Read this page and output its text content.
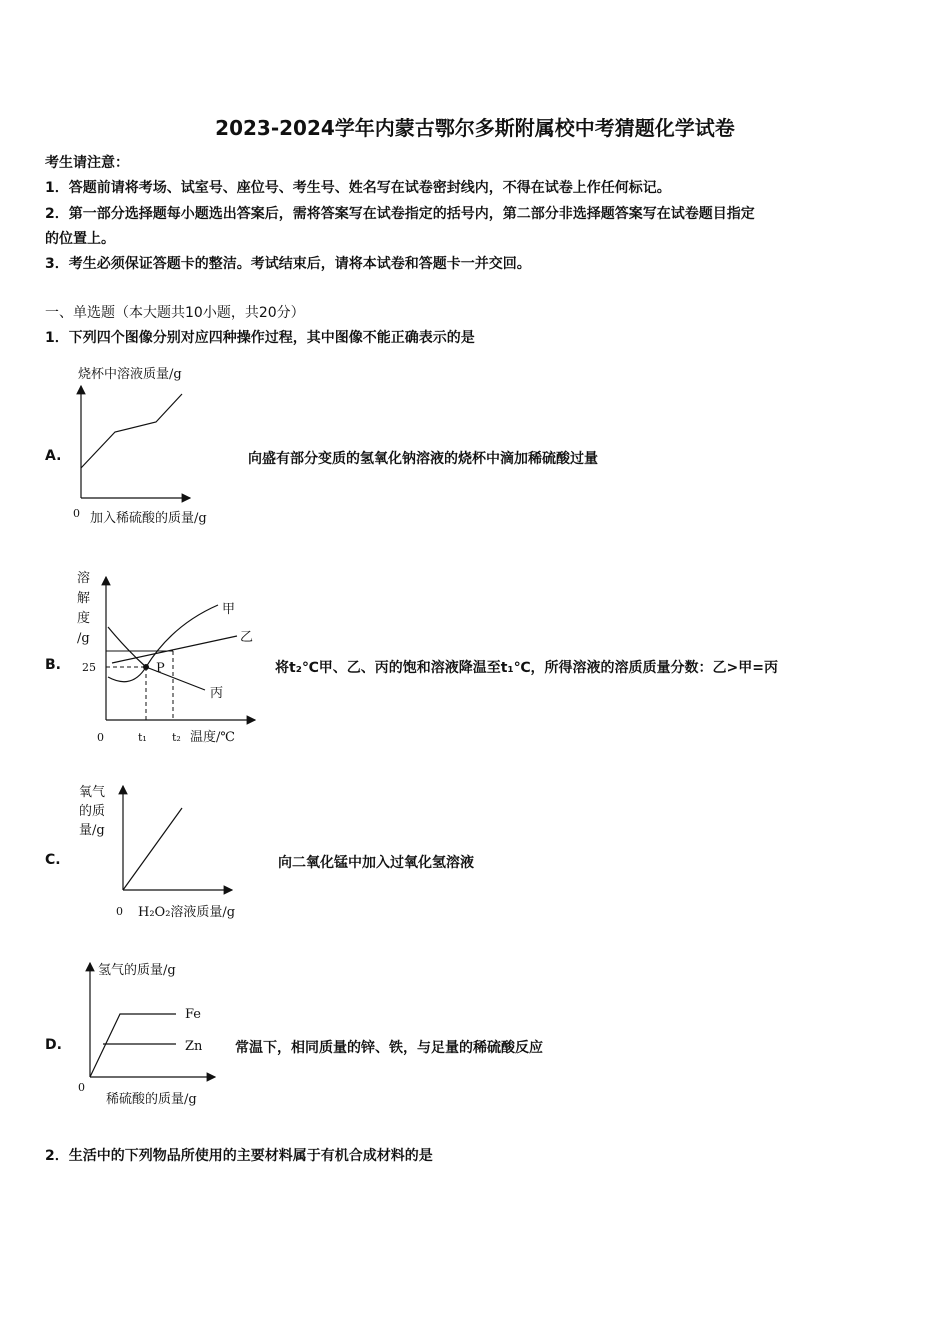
2023-2024学年内蒙古鄂尔多斯附属校中考猜题化学试卷
考生请注意：
1．答题前请将考场、试室号、座位号、考生号、姓名写在试卷密封线内，不得在试卷上作任何标记。
2．第一部分选择题每小题选出答案后，需将答案写在试卷指定的括号内，第二部分非选择题答案写在试卷题目指定
的位置上。
3．考生必须保证答题卡的整洁。考试结束后，请将本试卷和答题卡一并交回。
一、单选题（本大题共10小题，共20分）
1．下列四个图像分别对应四种操作过程，其中图像不能正确表示的是
A.
烧杯中溶液质量/g
0 加入稀硫酸的质量/g
向盛有部分变质的氢氧化钠溶液的烧杯中滴加稀硫酸过量
B.
溶
解
度
/g
25	P
甲
乙
丙
0	t₁ t₂ 温度/℃
将t₂℃甲、乙、丙的饱和溶液降温至t₁℃，所得溶液的溶质质量分数：乙>甲=丙
C.
氧气
的质
量/g
0 H₂O₂溶液质量/g
向二氧化锰中加入过氧化氢溶液
D.
氢气的质量/g
Fe
Zn
0
稀硫酸的质量/g
常温下，相同质量的锌、铁，与足量的稀硫酸反应
2．生活中的下列物品所使用的主要材料属于有机合成材料的是
